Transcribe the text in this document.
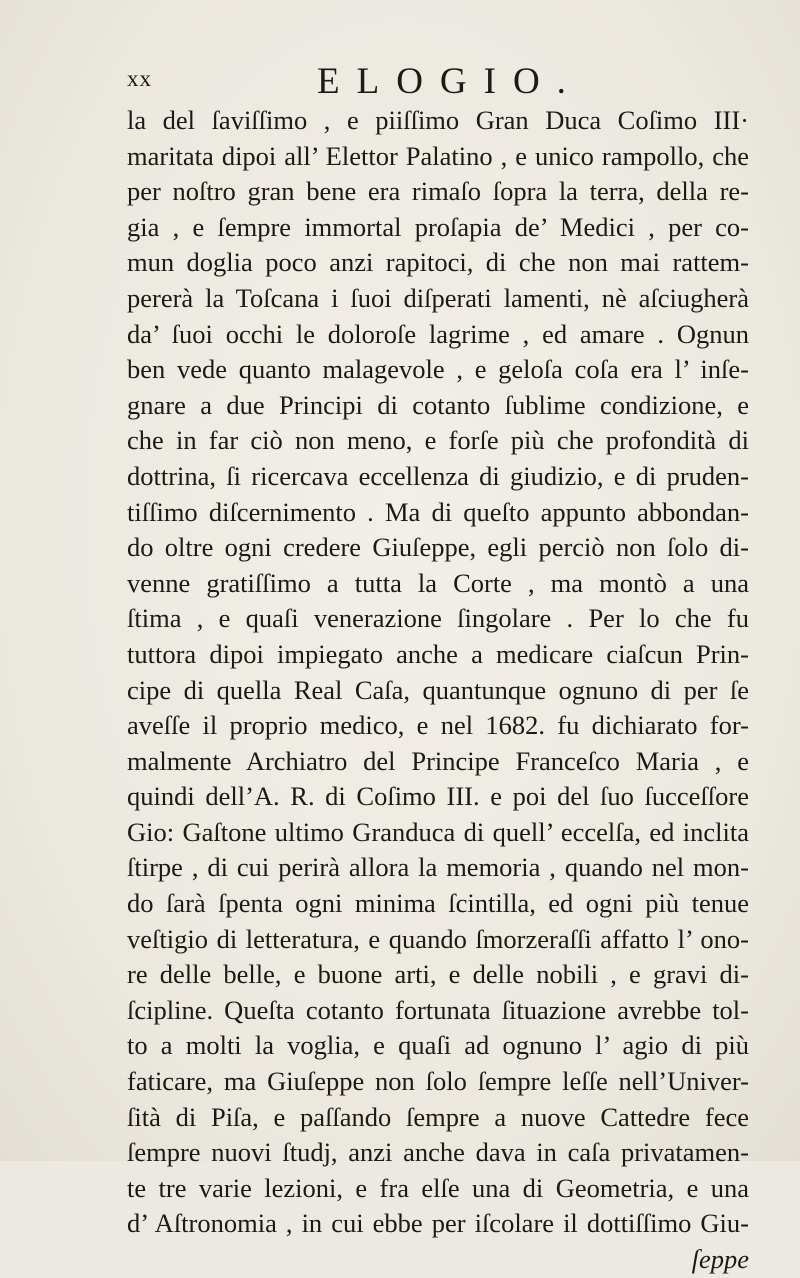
xx	ELOGIO.
la del ſaviſſimo , e piiſſimo Gran Duca Coſimo III·
maritata dipoi all’ Elettor Palatino , e unico rampollo, che
per noſtro gran bene era rimaſo ſopra la terra, della re-
gia , e ſempre immortal proſapia de’ Medici , per co-
mun doglia poco anzi rapitoci, di che non mai rattem-
pererà la Toſcana i ſuoi diſperati lamenti, nè aſciugherà
da’ ſuoi occhi le doloroſe lagrime , ed amare . Ognun
ben vede quanto malagevole , e geloſa coſa era l’ inſe-
gnare a due Principi di cotanto ſublime condizione, e
che in far ciò non meno, e forſe più che profondità di
dottrina, ſi ricercava eccellenza di giudizio, e di pruden-
tiſſimo diſcernimento . Ma di queſto appunto abbondan-
do oltre ogni credere Giuſeppe, egli perciò non ſolo di-
venne gratiſſimo a tutta la Corte , ma montò a una
ſtima , e quaſi venerazione ſingolare . Per lo che fu
tuttora dipoi impiegato anche a medicare ciaſcun Prin-
cipe di quella Real Caſa, quantunque ognuno di per ſe
aveſſe il proprio medico, e nel 1682. fu dichiarato for-
malmente Archiatro del Principe Franceſco Maria , e
quindi dell’A. R. di Coſimo III. e poi del ſuo ſucceſſore
Gio: Gaſtone ultimo Granduca di quell’ eccelſa, ed inclita
ſtirpe , di cui perirà allora la memoria , quando nel mon-
do ſarà ſpenta ogni minima ſcintilla, ed ogni più tenue
veſtigio di letteratura, e quando ſmorzeraſſi affatto l’ ono-
re delle belle, e buone arti, e delle nobili , e gravi di-
ſcipline. Queſta cotanto fortunata ſituazione avrebbe tol-
to a molti la voglia, e quaſi ad ognuno l’ agio di più
faticare, ma Giuſeppe non ſolo ſempre leſſe nell’Univer-
ſità di Piſa, e paſſando ſempre a nuove Cattedre fece
ſempre nuovi ſtudj, anzi anche dava in caſa privatamen-
te tre varie lezioni, e fra elſe una di Geometria, e una
d’ Aſtronomia , in cui ebbe per iſcolare il dottiſſimo Giu-
ſeppe
